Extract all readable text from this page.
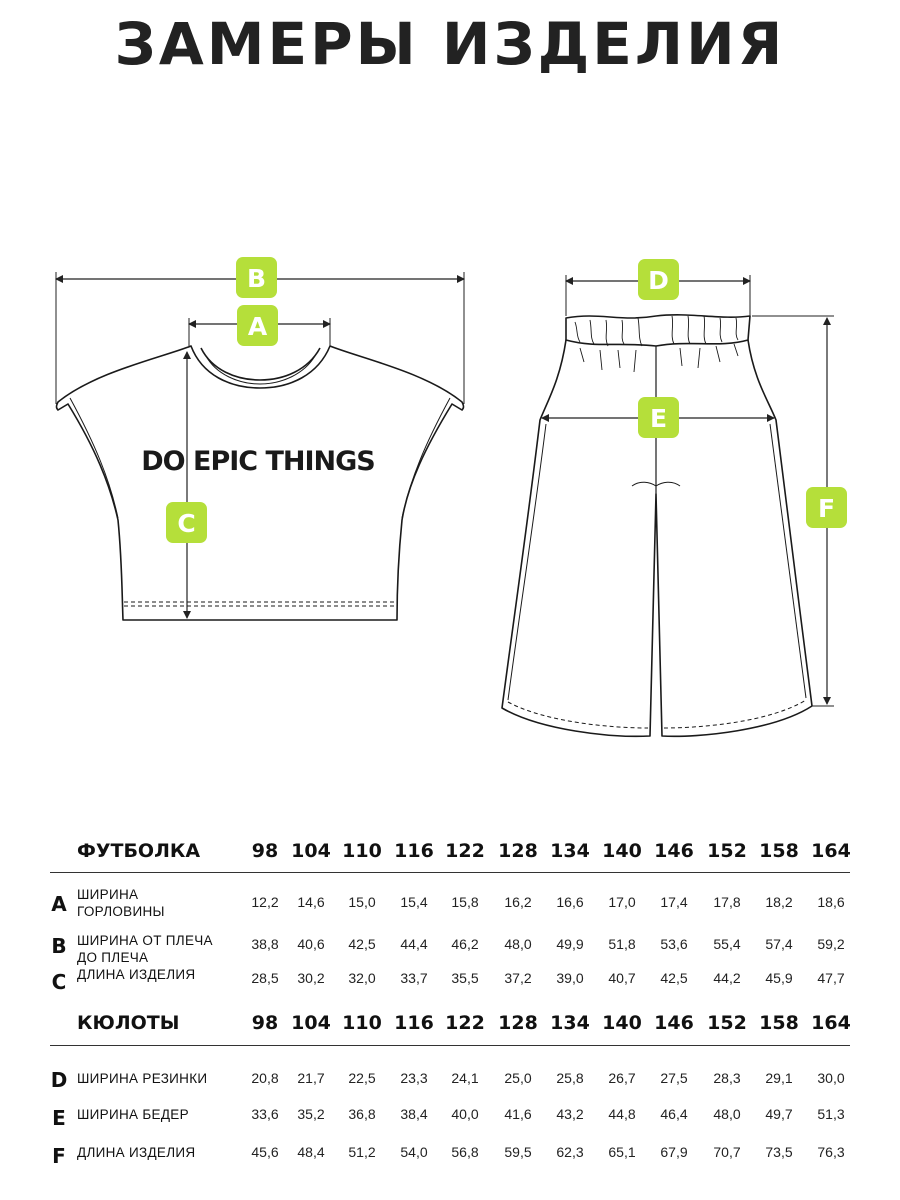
ЗАМЕРЫ ИЗДЕЛИЯ
DO EPIC THINGS
B
A
C
D
E
F
ФУТБОЛКА	98 104 110 116 122 128 134 140 146 152 158 164
A ШИРИНА
ГОРЛОВИНЫ
12,2	14,6	15,0	15,4	15,8	16,2	16,6	17,0	17,4	17,8	18,2	18,6
B ШИРИНА ОТ ПЛЕЧА
ДО ПЛЕЧА
38,8	40,6	42,5	44,4	46,2	48,0	49,9	51,8	53,6	55,4	57,4	59,2
C ДЛИНА ИЗДЕЛИЯ	28,5	30,2	32,0	33,7	35,5	37,2	39,0	40,7	42,5	44,2	45,9	47,7
КЮЛОТЫ	98 104 110 116 122 128 134 140 146 152 158 164
D ШИРИНА РЕЗИНКИ	20,8	21,7	22,5	23,3	24,1	25,0	25,8	26,7	27,5	28,3	29,1	30,0
E ШИРИНА БЕДЕР	33,6	35,2	36,8	38,4	40,0	41,6	43,2	44,8	46,4	48,0	49,7	51,3
F ДЛИНА ИЗДЕЛИЯ	45,6	48,4	51,2	54,0	56,8	59,5	62,3	65,1	67,9	70,7	73,5	76,3
